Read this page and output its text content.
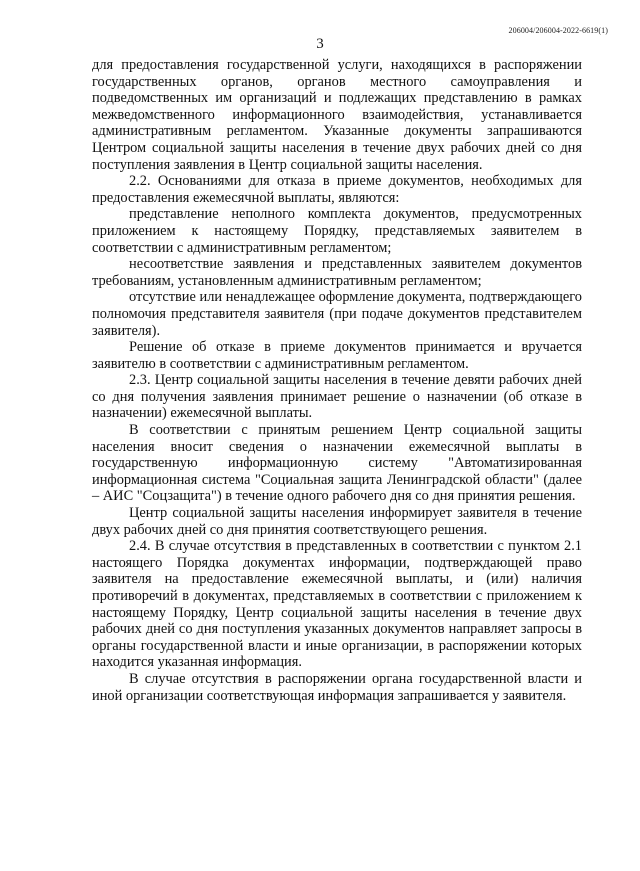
206004/206004-2022-6619(1)
3

для предоставления государственной услуги, находящихся в распоряжении государственных органов, органов местного самоуправления и подведомственных им организаций и подлежащих представлению в рамках межведомственного информационного взаимодействия, устанавливается административным регламентом. Указанные документы запрашиваются Центром социальной защиты населения в течение двух рабочих дней со дня поступления заявления в Центр социальной защиты населения.

2.2. Основаниями для отказа в приеме документов, необходимых для предоставления ежемесячной выплаты, являются:

представление неполного комплекта документов, предусмотренных приложением к настоящему Порядку, представляемых заявителем в соответствии с административным регламентом;

несоответствие заявления и представленных заявителем документов требованиям, установленным административным регламентом;

отсутствие или ненадлежащее оформление документа, подтверждающего полномочия представителя заявителя (при подаче документов представителем заявителя).

Решение об отказе в приеме документов принимается и вручается заявителю в соответствии с административным регламентом.

2.3. Центр социальной защиты населения в течение девяти рабочих дней со дня получения заявления принимает решение о назначении (об отказе в назначении) ежемесячной выплаты.

В соответствии с принятым решением Центр социальной защиты населения вносит сведения о назначении ежемесячной выплаты в государственную информационную систему "Автоматизированная информационная система "Социальная защита Ленинградской области" (далее – АИС "Соцзащита") в течение одного рабочего дня со дня принятия решения.

Центр социальной защиты населения информирует заявителя в течение двух рабочих дней со дня принятия соответствующего решения.

2.4. В случае отсутствия в представленных в соответствии с пунктом 2.1 настоящего Порядка документах информации, подтверждающей право заявителя на предоставление ежемесячной выплаты, и (или) наличия противоречий в документах, представляемых в соответствии с приложением к настоящему Порядку, Центр социальной защиты населения в течение двух рабочих дней со дня поступления указанных документов направляет запросы в органы государственной власти и иные организации, в распоряжении которых находится указанная информация.

В случае отсутствия в распоряжении органа государственной власти и иной организации соответствующая информация запрашивается у заявителя.
